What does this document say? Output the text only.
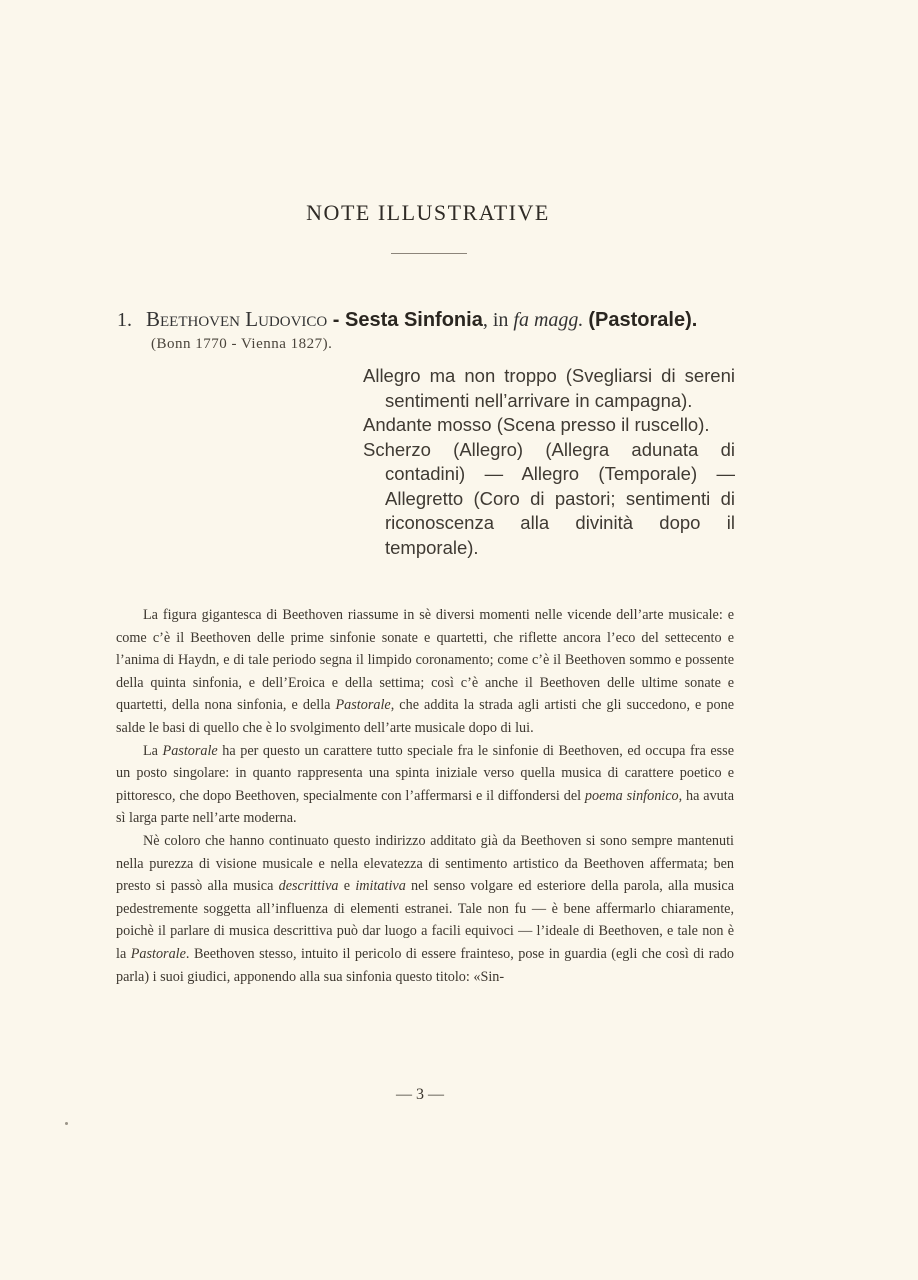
NOTE ILLUSTRATIVE
1. Beethoven Ludovico - Sesta Sinfonia, in fa magg. (Pastorale).
(Bonn 1770 - Vienna 1827).
Allegro ma non troppo (Svegliarsi di sereni sentimenti nell’arrivare in campagna).
Andante mosso (Scena presso il ruscello).
Scherzo (Allegro) (Allegra adunata di contadini) — Allegro (Temporale) — Allegretto (Coro di pastori; sentimenti di riconoscenza alla divinità dopo il temporale).

La figura gigantesca di Beethoven riassume in sè diversi momenti nelle vicende dell’arte musicale: e come c’è il Beethoven delle prime sinfonie sonate e quartetti, che riflette ancora l’eco del settecento e l’anima di Haydn, e di tale periodo segna il limpido coronamento; come c’è il Beethoven sommo e possente della quinta sinfonia, e dell’Eroica e della settima; così c’è anche il Beethoven delle ultime sonate e quartetti, della nona sinfonia, e della Pastorale, che addita la strada agli artisti che gli succedono, e pone salde le basi di quello che è lo svolgimento dell’arte musicale dopo di lui.

La Pastorale ha per questo un carattere tutto speciale fra le sinfonie di Beethoven, ed occupa fra esse un posto singolare: in quanto rappresenta una spinta iniziale verso quella musica di carattere poetico e pittoresco, che dopo Beethoven, specialmente con l’affermarsi e il diffondersi del poema sinfonico, ha avuta sì larga parte nell’arte moderna.

Nè coloro che hanno continuato questo indirizzo additato già da Beethoven si sono sempre mantenuti nella purezza di visione musicale e nella elevatezza di sentimento artistico da Beethoven affermata; ben presto si passò alla musica descrittiva e imitativa nel senso volgare ed esteriore della parola, alla musica pedestremente soggetta all’influenza di elementi estranei. Tale non fu — è bene affermarlo chiaramente, poichè il parlare di musica descrittiva può dar luogo a facili equivoci — l’ideale di Beethoven, e tale non è la Pastorale. Beethoven stesso, intuito il pericolo di essere frainteso, pose in guardia (egli che così di rado parla) i suoi giudici, apponendo alla sua sinfonia questo titolo: «Sin-

— 3 —
